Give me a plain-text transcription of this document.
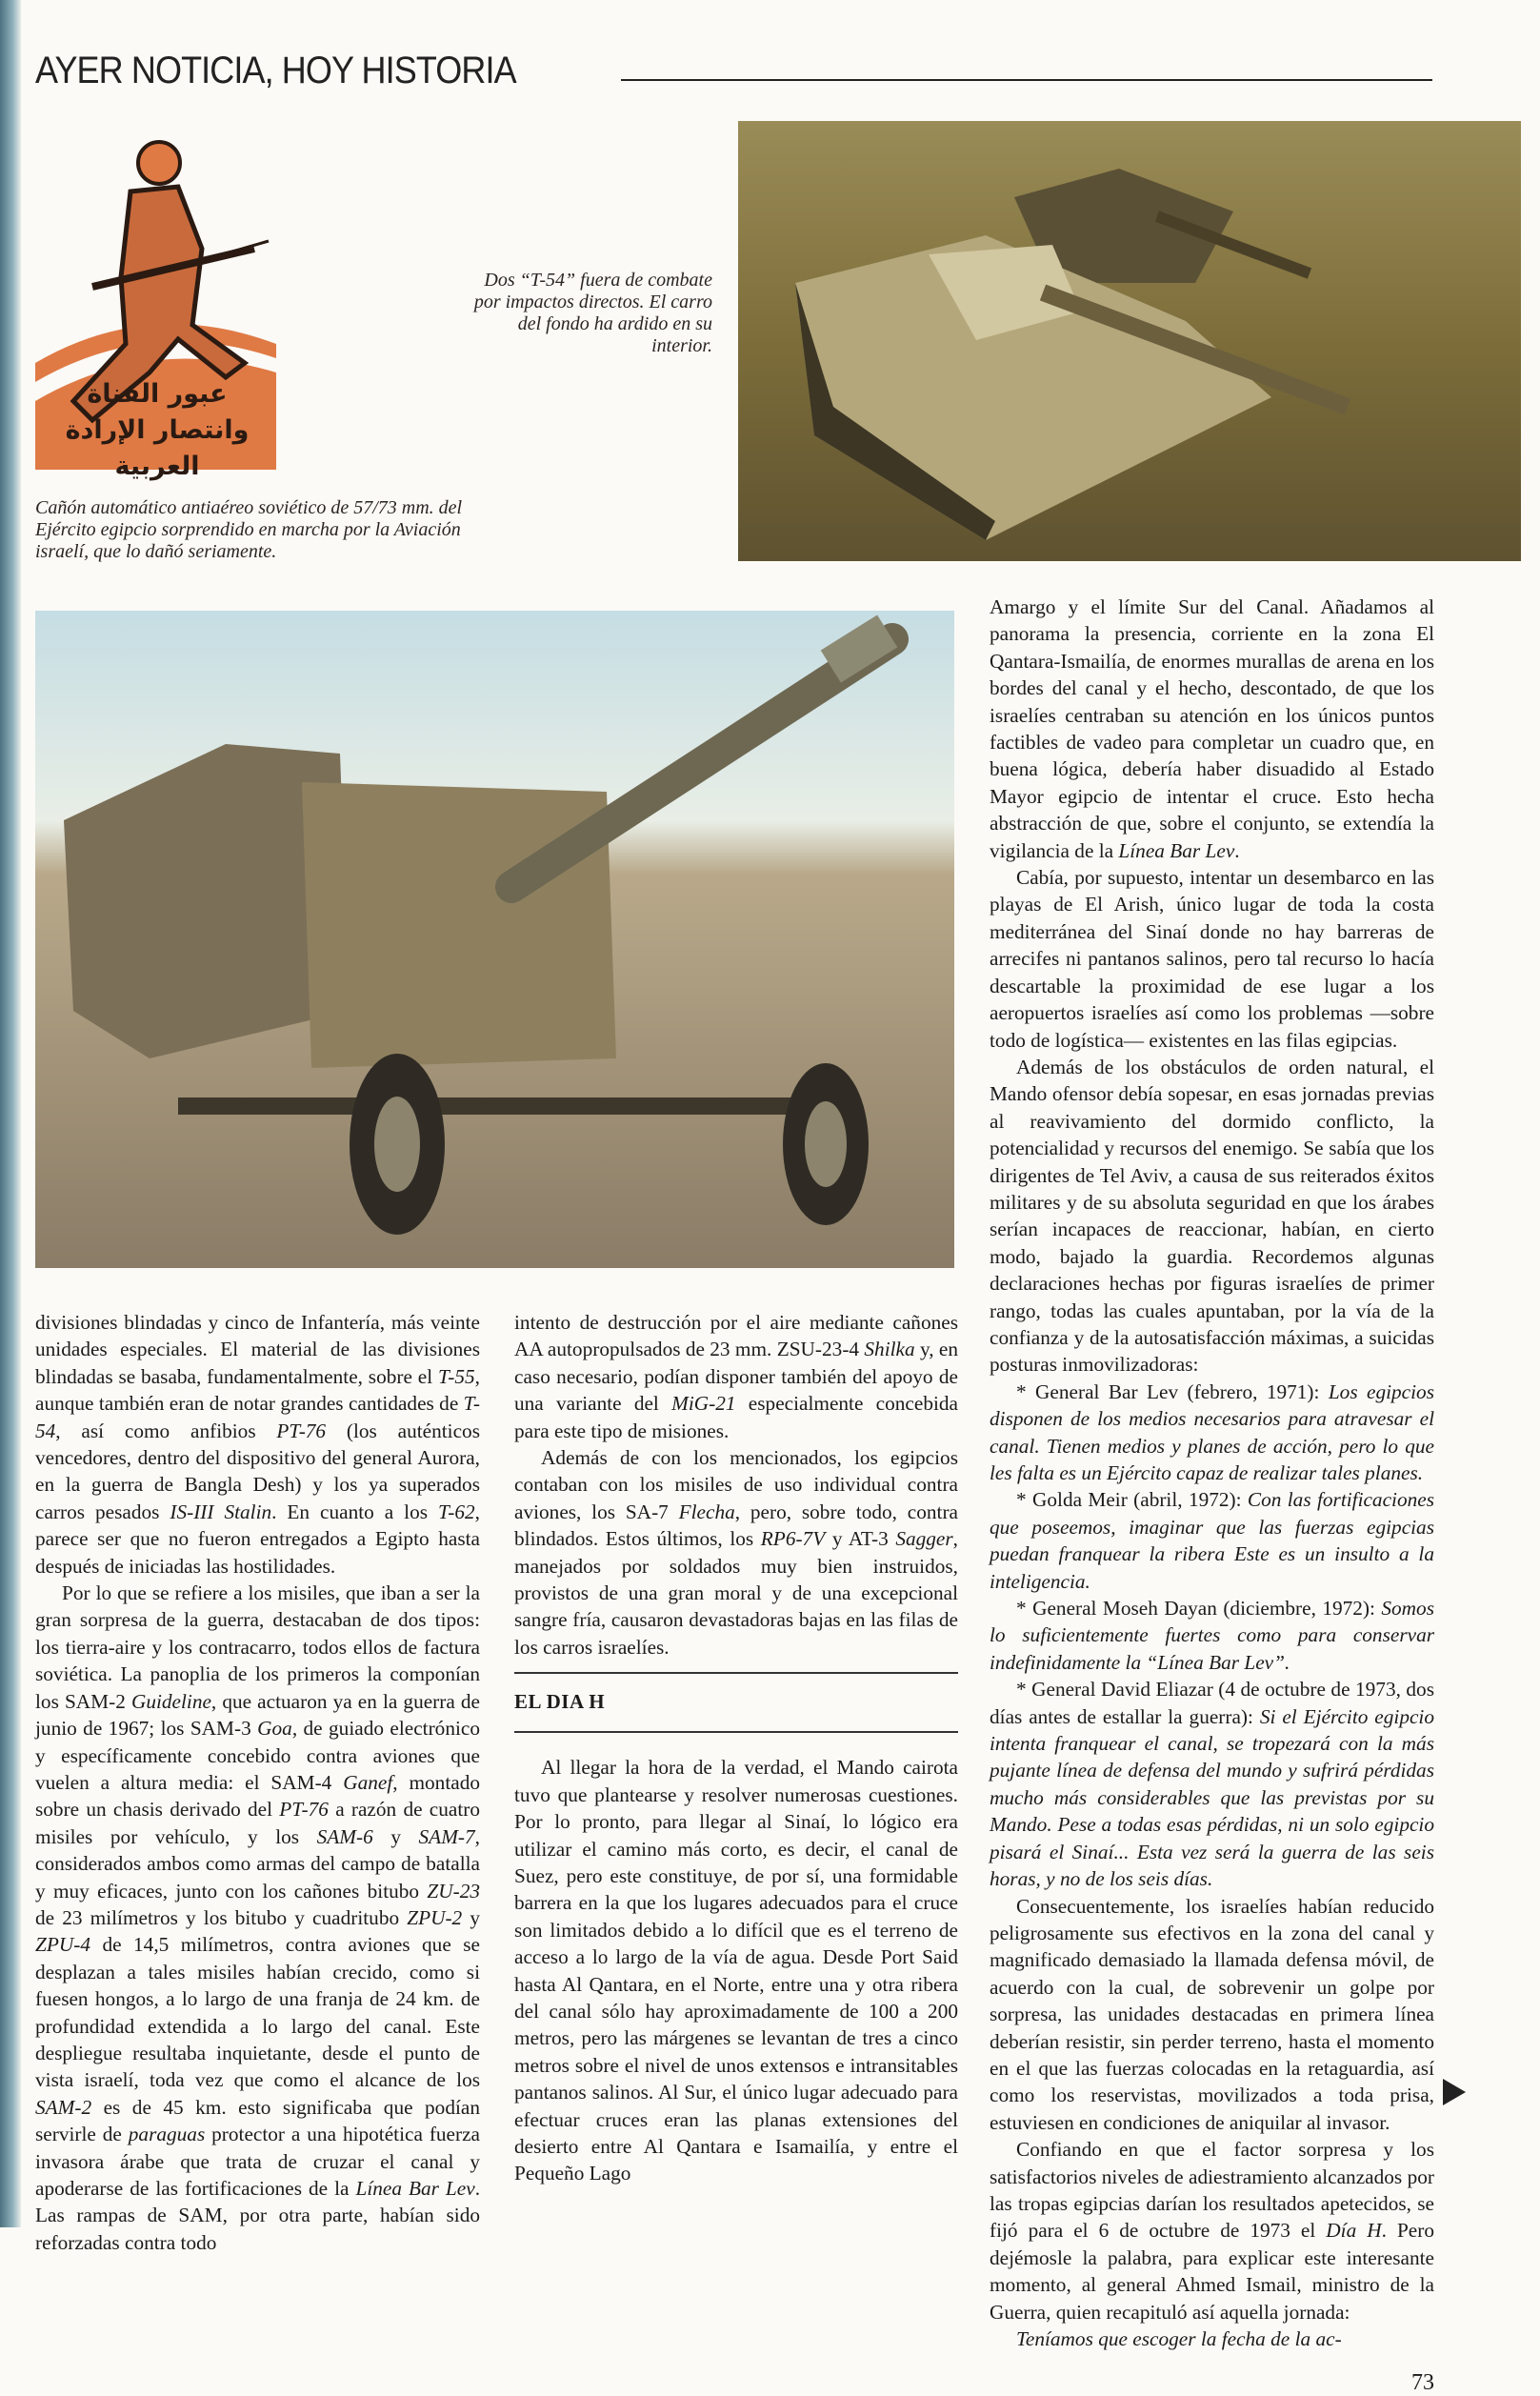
AYER NOTICIA, HOY HISTORIA
عبور القناة
وانتصار الإرادة العربية
Dos “T-54” fuera de combate por impactos directos. El carro del fondo ha ardido en su interior.
Cañón automático antiaéreo soviético de 57/73 mm. del Ejército egipcio sorprendido en marcha por la Aviación israelí, que lo dañó seriamente.

divisiones blindadas y cinco de Infantería, más veinte unidades especiales. El material de las divisiones blindadas se basaba, fundamentalmente, sobre el T-55, aunque también eran de notar grandes cantidades de T-54, así como anfibios PT-76 (los auténticos vencedores, dentro del dispositivo del general Aurora, en la guerra de Bangla Desh) y los ya superados carros pesados IS-III Stalin. En cuanto a los T-62, parece ser que no fueron entregados a Egipto hasta después de iniciadas las hostilidades.

Por lo que se refiere a los misiles, que iban a ser la gran sorpresa de la guerra, destacaban de dos tipos: los tierra-aire y los contracarro, todos ellos de factura soviética. La panoplia de los primeros la componían los SAM-2 Guideline, que actuaron ya en la guerra de junio de 1967; los SAM-3 Goa, de guiado electrónico y específicamente concebido contra aviones que vuelen a altura media: el SAM-4 Ganef, montado sobre un chasis derivado del PT-76 a razón de cuatro misiles por vehículo, y los SAM-6 y SAM-7, considerados ambos como armas del campo de batalla y muy eficaces, junto con los cañones bitubo ZU-23 de 23 milímetros y los bitubo y cuadritubo ZPU-2 y ZPU-4 de 14,5 milímetros, contra aviones que se desplazan a tales misiles habían crecido, como si fuesen hongos, a lo largo de una franja de 24 km. de profundidad extendida a lo largo del canal. Este despliegue resultaba inquietante, desde el punto de vista israelí, toda vez que como el alcance de los SAM-2 es de 45 km. esto significaba que podían servirle de paraguas protector a una hipotética fuerza invasora árabe que trata de cruzar el canal y apoderarse de las fortificaciones de la Línea Bar Lev. Las rampas de SAM, por otra parte, habían sido reforzadas contra todo

intento de destrucción por el aire mediante cañones AA autopropulsados de 23 mm. ZSU-23-4 Shilka y, en caso necesario, podían disponer también del apoyo de una variante del MiG-21 especialmente concebida para este tipo de misiones.

Además de con los mencionados, los egipcios contaban con los misiles de uso individual contra aviones, los SA-7 Flecha, pero, sobre todo, contra blindados. Estos últimos, los RP6-7V y AT-3 Sagger, manejados por soldados muy bien instruidos, provistos de una gran moral y de una excepcional sangre fría, causaron devastadoras bajas en las filas de los carros israelíes.

EL DIA H

Al llegar la hora de la verdad, el Mando cairota tuvo que plantearse y resolver numerosas cuestiones. Por lo pronto, para llegar al Sinaí, lo lógico era utilizar el camino más corto, es decir, el canal de Suez, pero este constituye, de por sí, una formidable barrera en la que los lugares adecuados para el cruce son limitados debido a lo difícil que es el terreno de acceso a lo largo de la vía de agua. Desde Port Said hasta Al Qantara, en el Norte, entre una y otra ribera del canal sólo hay aproximadamente de 100 a 200 metros, pero las márgenes se levantan de tres a cinco metros sobre el nivel de unos extensos e intransitables pantanos salinos. Al Sur, el único lugar adecuado para efectuar cruces eran las planas extensiones del desierto entre Al Qantara e Isamailía, y entre el Pequeño Lago

Amargo y el límite Sur del Canal. Añadamos al panorama la presencia, corriente en la zona El Qantara-Ismailía, de enormes murallas de arena en los bordes del canal y el hecho, descontado, de que los israelíes centraban su atención en los únicos puntos factibles de vadeo para completar un cuadro que, en buena lógica, debería haber disuadido al Estado Mayor egipcio de intentar el cruce. Esto hecha abstracción de que, sobre el conjunto, se extendía la vigilancia de la Línea Bar Lev.

Cabía, por supuesto, intentar un desembarco en las playas de El Arish, único lugar de toda la costa mediterránea del Sinaí donde no hay barreras de arrecifes ni pantanos salinos, pero tal recurso lo hacía descartable la proximidad de ese lugar a los aeropuertos israelíes así como los problemas —sobre todo de logística— existentes en las filas egipcias.

Además de los obstáculos de orden natural, el Mando ofensor debía sopesar, en esas jornadas previas al reavivamiento del dormido conflicto, la potencialidad y recursos del enemigo. Se sabía que los dirigentes de Tel Aviv, a causa de sus reiterados éxitos militares y de su absoluta seguridad en que los árabes serían incapaces de reaccionar, habían, en cierto modo, bajado la guardia. Recordemos algunas declaraciones hechas por figuras israelíes de primer rango, todas las cuales apuntaban, por la vía de la confianza y de la autosatisfacción máximas, a suicidas posturas inmovilizadoras:

* General Bar Lev (febrero, 1971): Los egipcios disponen de los medios necesarios para atravesar el canal. Tienen medios y planes de acción, pero lo que les falta es un Ejército capaz de realizar tales planes.

* Golda Meir (abril, 1972): Con las fortificaciones que poseemos, imaginar que las fuerzas egipcias puedan franquear la ribera Este es un insulto a la inteligencia.

* General Moseh Dayan (diciembre, 1972): Somos lo suficientemente fuertes como para conservar indefinidamente la “Línea Bar Lev”.

* General David Eliazar (4 de octubre de 1973, dos días antes de estallar la guerra): Si el Ejército egipcio intenta franquear el canal, se tropezará con la más pujante línea de defensa del mundo y sufrirá pérdidas mucho más considerables que las previstas por su Mando. Pese a todas esas pérdidas, ni un solo egipcio pisará el Sinaí... Esta vez será la guerra de las seis horas, y no de los seis días.

Consecuentemente, los israelíes habían reducido peligrosamente sus efectivos en la zona del canal y magnificado demasiado la llamada defensa móvil, de acuerdo con la cual, de sobrevenir un golpe por sorpresa, las unidades destacadas en primera línea deberían resistir, sin perder terreno, hasta el momento en el que las fuerzas colocadas en la retaguardia, así como los reservistas, movilizados a toda prisa, estuviesen en condiciones de aniquilar al invasor.

Confiando en que el factor sorpresa y los satisfactorios niveles de adiestramiento alcanzados por las tropas egipcias darían los resultados apetecidos, se fijó para el 6 de octubre de 1973 el Día H. Pero dejémosle la palabra, para explicar este interesante momento, al general Ahmed Ismail, ministro de la Guerra, quien recapituló así aquella jornada:

Teníamos que escoger la fecha de la ac-

73
